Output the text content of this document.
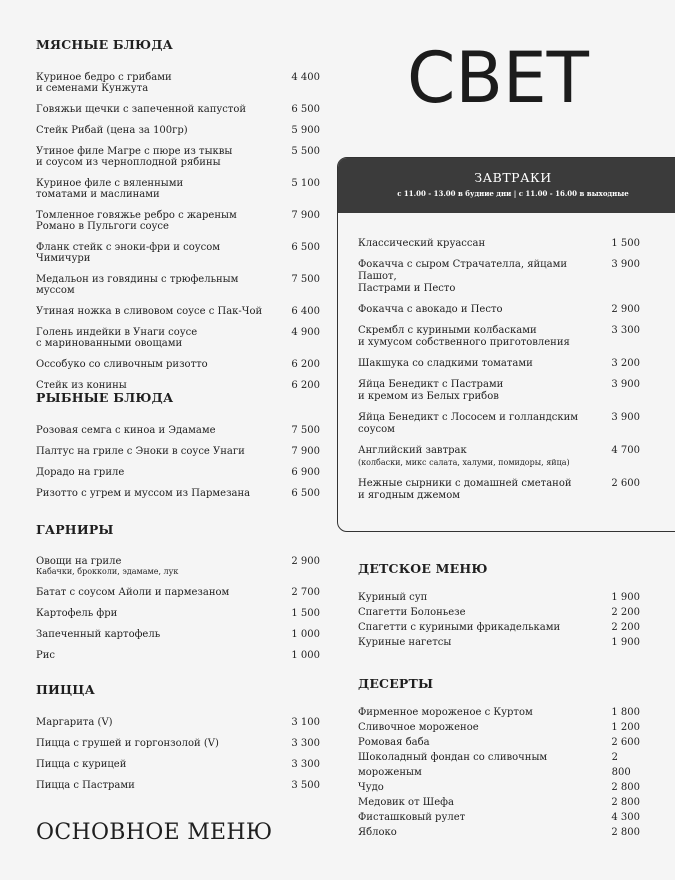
МЯСНЫЕ БЛЮДА
Куриное бедро с грибами
и семенами Кунжута
4 400
Говяжьи щечки с запеченной капустой	6 500
Стейк Рибай (цена за 100гр)	5 900
Утиное филе Магре с пюре из тыквы
и соусом из черноплодной рябины
5 500
Куриное филе с вяленными
томатами и маслинами
5 100
Томленное говяжье ребро с жареным
Романо в Пульгоги соусе
7 900
Фланк стейк с эноки-фри и соусом Чимичури
6 500
Медальон из говядины с трюфельным муссом
7 500
Утиная ножка в сливовом соусе с Пак-Чой	6 400
Голень индейки в Унаги соусе
с маринованными овощами
4 900
Оссобуко со сливочным ризотто	6 200
Стейк из конины	6 200
РЫБНЫЕ БЛЮДА
Розовая семга с киноа и Эдамаме	7 500
Палтус на гриле с Эноки в соусе Унаги	7 900
Дорадо на гриле	6 900
Ризотто с угрем и муссом из Пармезана	6 500
ГАРНИРЫ
Овощи на гриле
Кабачки, брокколи, эдамаме, лук
2 900
Батат с соусом Айоли и пармезаном	2 700
Картофель фри	1 500
Запеченный картофель	1 000
Рис	1 000
ПИЦЦА
Маргарита (V)	3 100
Пицца с грушей и горгонзолой (V)	3 300
Пицца с курицей	3 300
Пицца с Пастрами	3 500
ОСНОВНОЕ МЕНЮ
СВЕТ
ЗАВТРАКИ
с 11.00 - 13.00 в будние дни | с 11.00 - 16.00 в выходные
Классический круассан	1 500
Фокачча с сыром Страчателла, яйцами Пашот,
Пастрами и Песто
3 900
Фокачча с авокадо и Песто	2 900
Скрембл с куриными колбасками
и хумусом собственного приготовления
3 300
Шакшука со сладкими томатами	3 200
Яйца Бенедикт с Пастрами
и кремом из Белых грибов
3 900
Яйца Бенедикт с Лососем и голландским соусом
3 900
Английский завтрак
(колбаски, микс салата, халуми, помидоры, яйца)
4 700
Нежные сырники с домашней сметаной
и ягодным джемом
2 600
ДЕТСКОЕ МЕНЮ
Куриный суп	1 900
Спагетти Болоньезе	2 200
Спагетти с куриными фрикадельками	2 200
Куриные нагетсы	1 900
ДЕСЕРТЫ
Фирменное мороженое с Куртом	1 800
Сливочное мороженое	1 200
Ромовая баба	2 600
Шоколадный фондан со сливочным мороженым
2 800
Чудо	2 800
Медовик от Шефа	2 800
Фисташковый рулет	4 300
Яблоко	2 800
